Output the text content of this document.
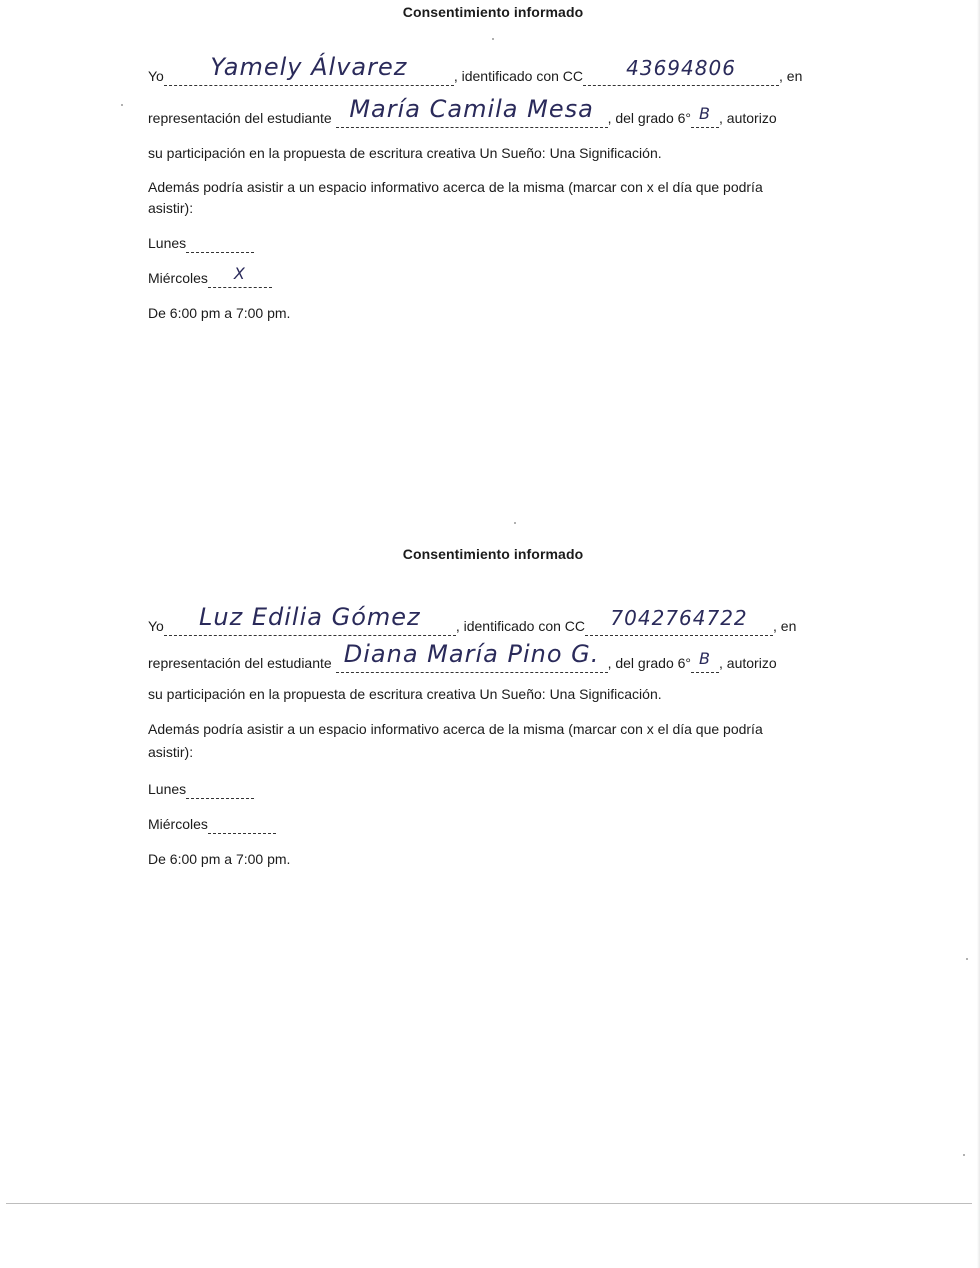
Consentimiento informado
Yo Yamely Álvarez	, identificado con CC 43694806	, en
representación del estudiante María Camila Mesa , del grado 6° B , autorizo
su participación en la propuesta de escritura creativa Un Sueño: Una Significación.
Además podría asistir a un espacio informativo acerca de la misma (marcar con x el día que podría
asistir):
Lunes
Miércoles X
De 6:00 pm a 7:00 pm.
Consentimiento informado
Yo Luz Edilia Gómez	, identificado con CC 7042764722 , en
representación del estudiante Diana María Pino G. , del grado 6° B , autorizo
su participación en la propuesta de escritura creativa Un Sueño: Una Significación.
Además podría asistir a un espacio informativo acerca de la misma (marcar con x el día que podría
asistir):
Lunes
Miércoles
De 6:00 pm a 7:00 pm.
